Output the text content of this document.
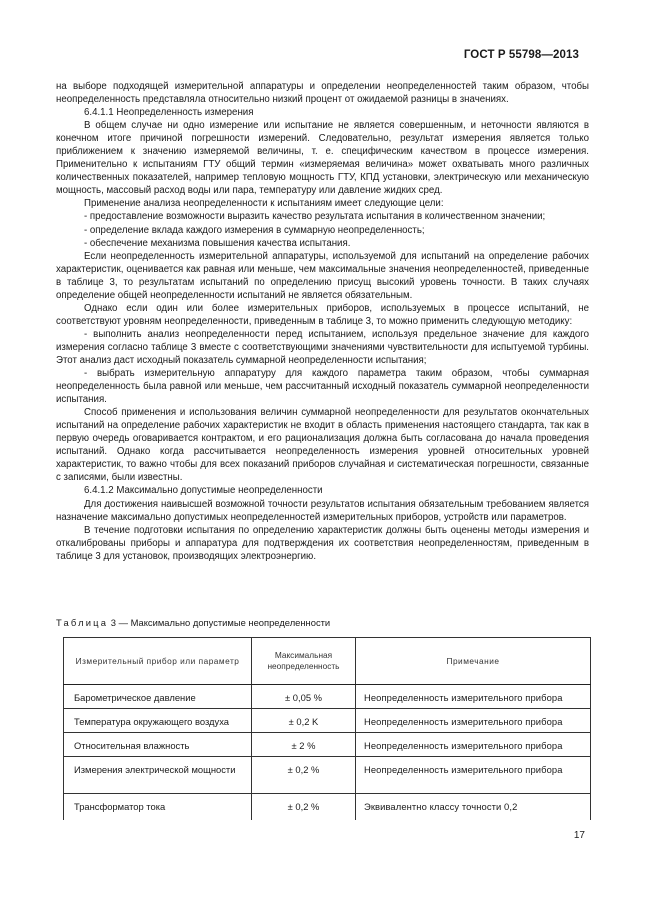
ГОСТ Р 55798—2013

на выборе подходящей измерительной аппаратуры и определении неопределенностей таким образом, чтобы неопределенность представляла относительно низкий процент от ожидаемой разницы в значениях.

6.4.1.1 Неопределенность измерения

В общем случае ни одно измерение или испытание не является совершенным, и неточности являются в конечном итоге причиной погрешности измерений. Следовательно, результат измерения является только приближением к значению измеряемой величины, т. е. специфическим качеством в процессе измерения. Применительно к испытаниям ГТУ общий термин «измеряемая величина» может охватывать много различных количественных показателей, например тепловую мощность ГТУ, КПД установки, электрическую или механическую мощность, массовый расход воды или пара, температуру или давление жидких сред.

Применение анализа неопределенности к испытаниям имеет следующие цели:

- предоставление возможности выразить качество результата испытания в количественном значении;

- определение вклада каждого измерения в суммарную неопределенность;

- обеспечение механизма повышения качества испытания.

Если неопределенность измерительной аппаратуры, используемой для испытаний на определение рабочих характеристик, оценивается как равная или меньше, чем максимальные значения неопределенностей, приведенные в таблице 3, то результатам испытаний по определению присущ высокий уровень точности. В таких случаях определение общей неопределенности испытаний не является обязательным.

Однако если один или более измерительных приборов, используемых в процессе испытаний, не соответствуют уровням неопределенности, приведенным в таблице 3, то можно применить следующую методику:

- выполнить анализ неопределенности перед испытанием, используя предельное значение для каждого измерения согласно таблице 3 вместе с соответствующими значениями чувствительности для испытуемой турбины. Этот анализ даст исходный показатель суммарной неопределенности испытания;

- выбрать измерительную аппаратуру для каждого параметра таким образом, чтобы суммарная неопределенность была равной или меньше, чем рассчитанный исходный показатель суммарной неопределенности испытания.

Способ применения и использования величин суммарной неопределенности для результатов окончательных испытаний на определение рабочих характеристик не входит в область применения настоящего стандарта, так как в первую очередь оговаривается контрактом, и его рационализация должна быть согласована до начала проведения испытаний. Однако когда рассчитывается неопределенность измерения уровней относительных уровней характеристик, то важно чтобы для всех показаний приборов случайная и систематическая погрешности, связанные с записями, были известны.

6.4.1.2 Максимально допустимые неопределенности

Для достижения наивысшей возможной точности результатов испытания обязательным требованием является назначение максимально допустимых неопределенностей измерительных приборов, устройств или параметров.

В течение подготовки испытания по определению характеристик должны быть оценены методы измерения и откалиброваны приборы и аппаратура для подтверждения их соответствия неопределенностям, приведенным в таблице 3 для установок, производящих электроэнергию.

Таблица 3 — Максимально допустимые неопределенности
Измерительный прибор или параметр	Максимальная неопределенность	Примечание
Барометрическое давление	± 0,05 %	Неопределенность измерительного прибора
Температура окружающего воздуха	± 0,2 K	Неопределенность измерительного прибора
Относительная влажность	± 2 %	Неопределенность измерительного прибора
Измерения электрической мощности	± 0,2 %	Неопределенность измерительного прибора
Трансформатор тока	± 0,2 %	Эквивалентно классу точности 0,2
17
